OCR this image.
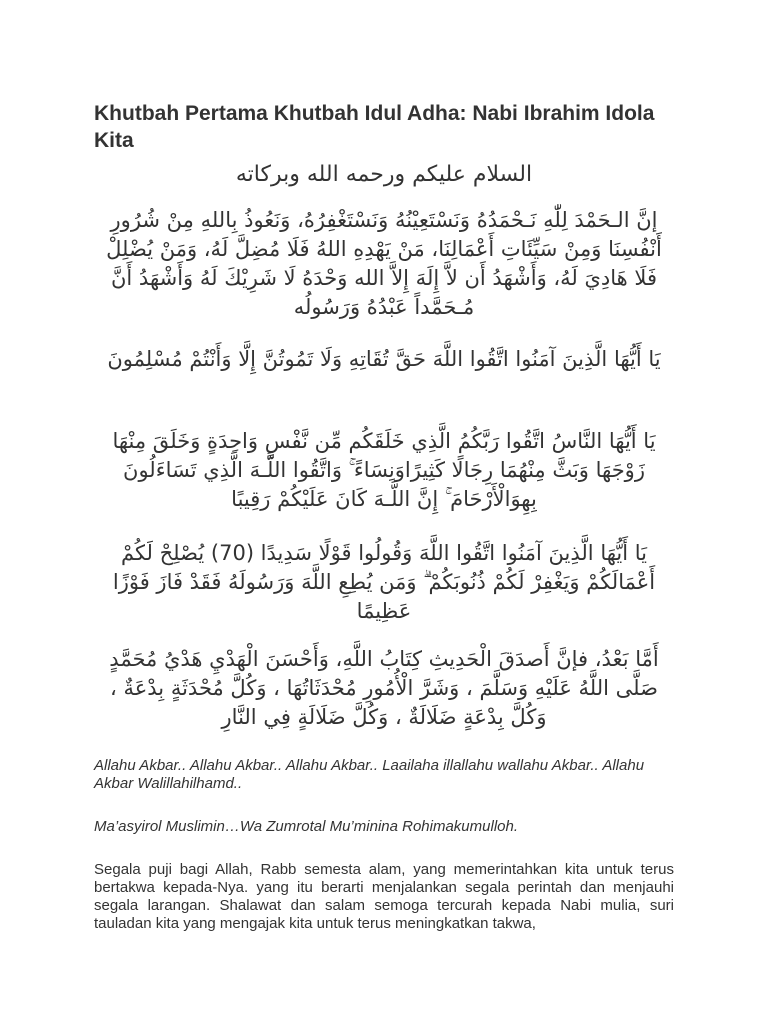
Khutbah Pertama Khutbah Idul Adha: Nabi Ibrahim Idola Kita

السلام عليكم ورحمه الله وبركاته

إنَّ الـحَمْدَ لِلّٰهِ نَـحْمَدُهُ وَنَسْتَعِيْنُهُ وَنَسْتَغْفِرُهُ، وَنَعُوذُ بِاللهِ مِنْ شُرُورِ أَنْفُسِنَا وَمِنْ سَيِّئَاتِ أَعْمَالِنَا، مَنْ يَهْدِهِ اللهُ فَلَا مُضِلَّ لَهُ، وَمَنْ يُضْلِلْ فَلَا هَادِيَ لَهُ، وَأَشْهَدُ أَن لاَّ إِلَهَ إِلاَّ الله وَحْدَهُ لَا شَرِيْكَ لَهُ وَأَشْهَدُ أَنَّ مُـحَمَّداً عَبْدُهُ وَرَسُولُه

يَا أَيُّهَا الَّذِينَ آمَنُوا اتَّقُوا اللَّهَ حَقَّ تُقَاتِهِ وَلَا تَمُوتُنَّ إِلَّا وَأَنْتُمْ مُسْلِمُونَ

يَا أَيُّهَا النَّاسُ اتَّقُوا رَبَّكُمُ الَّذِي خَلَقَكُم مِّن نَّفْسٍ وَاحِدَةٍ وَخَلَقَ مِنْهَا زَوْجَهَا وَبَثَّ مِنْهُمَا رِجَالًا كَثِيرًاوَنِسَاءً ۚ وَاتَّقُوا اللَّـهَ الَّذِي تَسَاءَلُونَ بِهِوَالْأَرْحَامَ ۚ إِنَّ اللَّـهَ كَانَ عَلَيْكُمْ رَقِيبًا

يَا أَيُّهَا الَّذِينَ آمَنُوا اتَّقُوا اللَّهَ وَقُولُوا قَوْلًا سَدِيدًا (70) يُصْلِحْ لَكُمْ أَعْمَالَكُمْ وَيَغْفِرْ لَكُمْ ذُنُوبَكُمْ ۗ وَمَن يُطِعِ اللَّهَ وَرَسُولَهُ فَقَدْ فَازَ فَوْزًا عَظِيمًا

أَمَّا بَعْدُ، فإنَّ أَصدَقَ الْحَدِيثِ كِتَابُ اللَّهِ، وَأَحْسَنَ الْهَدْيِ هَدْيُ مُحَمَّدٍ صَلَّى اللَّهُ عَلَيْهِ وَسَلَّمَ ، وَشَرَّ الْأُمُورِ مُحْدَثَاتُهَا ، وَكُلَّ مُحْدَثَةٍ بِدْعَةٌ ، وَكُلَّ بِدْعَةٍ ضَلَالَةٌ ، وَكُلَّ ضَلَالَةٍ فِي النَّارِ

Allahu Akbar.. Allahu Akbar.. Allahu Akbar.. Laailaha illallahu wallahu Akbar.. Allahu Akbar Walillahilhamd..

Ma’asyirol Muslimin…Wa Zumrotal Mu’minina Rohimakumulloh.

Segala puji bagi Allah, Rabb semesta alam, yang memerintahkan kita untuk terus bertakwa kepada-Nya. yang itu berarti menjalankan segala perintah dan menjauhi segala larangan. Shalawat dan salam semoga tercurah kepada Nabi mulia, suri tauladan kita yang mengajak kita untuk terus meningkatkan takwa,
